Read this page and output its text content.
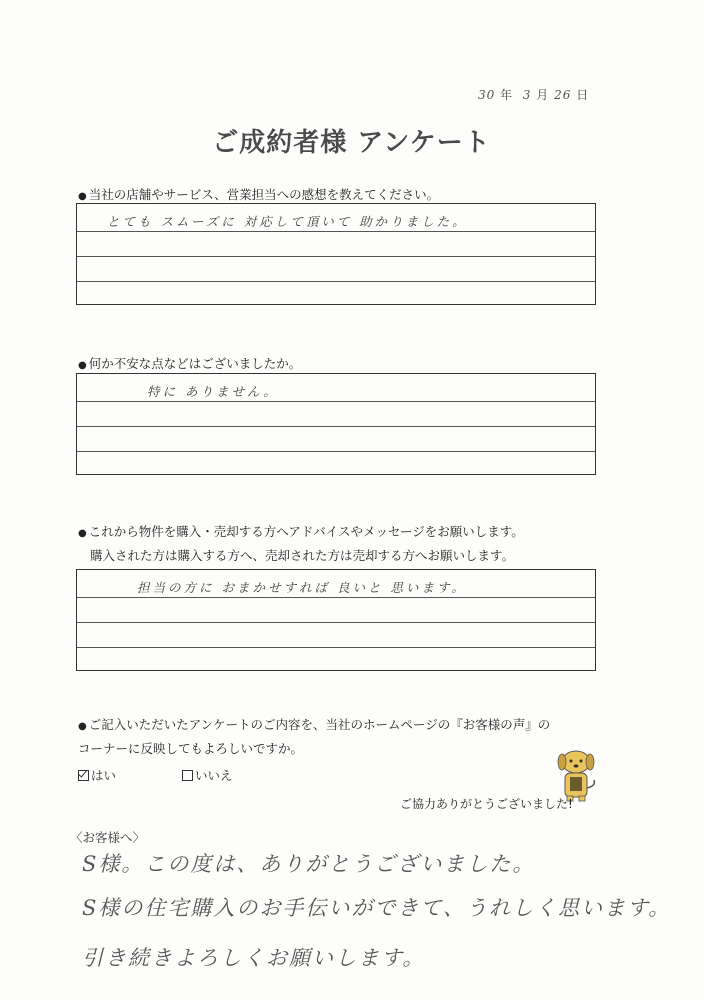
30 年 3 月 26 日
ご成約者様 アンケート
● 当社の店舗やサービス、営業担当への感想を教えてください。
とても スムーズに 対応して頂いて 助かりました。
● 何か不安な点などはございましたか。
特に ありません。
● これから物件を購入・売却する方へアドバイスやメッセージをお願いします。
購入された方は購入する方へ、売却された方は売却する方へお願いします。
担当の方に おまかせすれば 良いと 思います。
● ご記入いただいたアンケートのご内容を、当社のホームページの『お客様の声』の
コーナーに反映してもよろしいですか。
はい	いいえ
ご協力ありがとうございました!
〈お客様へ〉
S様。この度は、ありがとうございました。
S様の住宅購入のお手伝いができて、うれしく思います。
引き続きよろしくお願いします。
